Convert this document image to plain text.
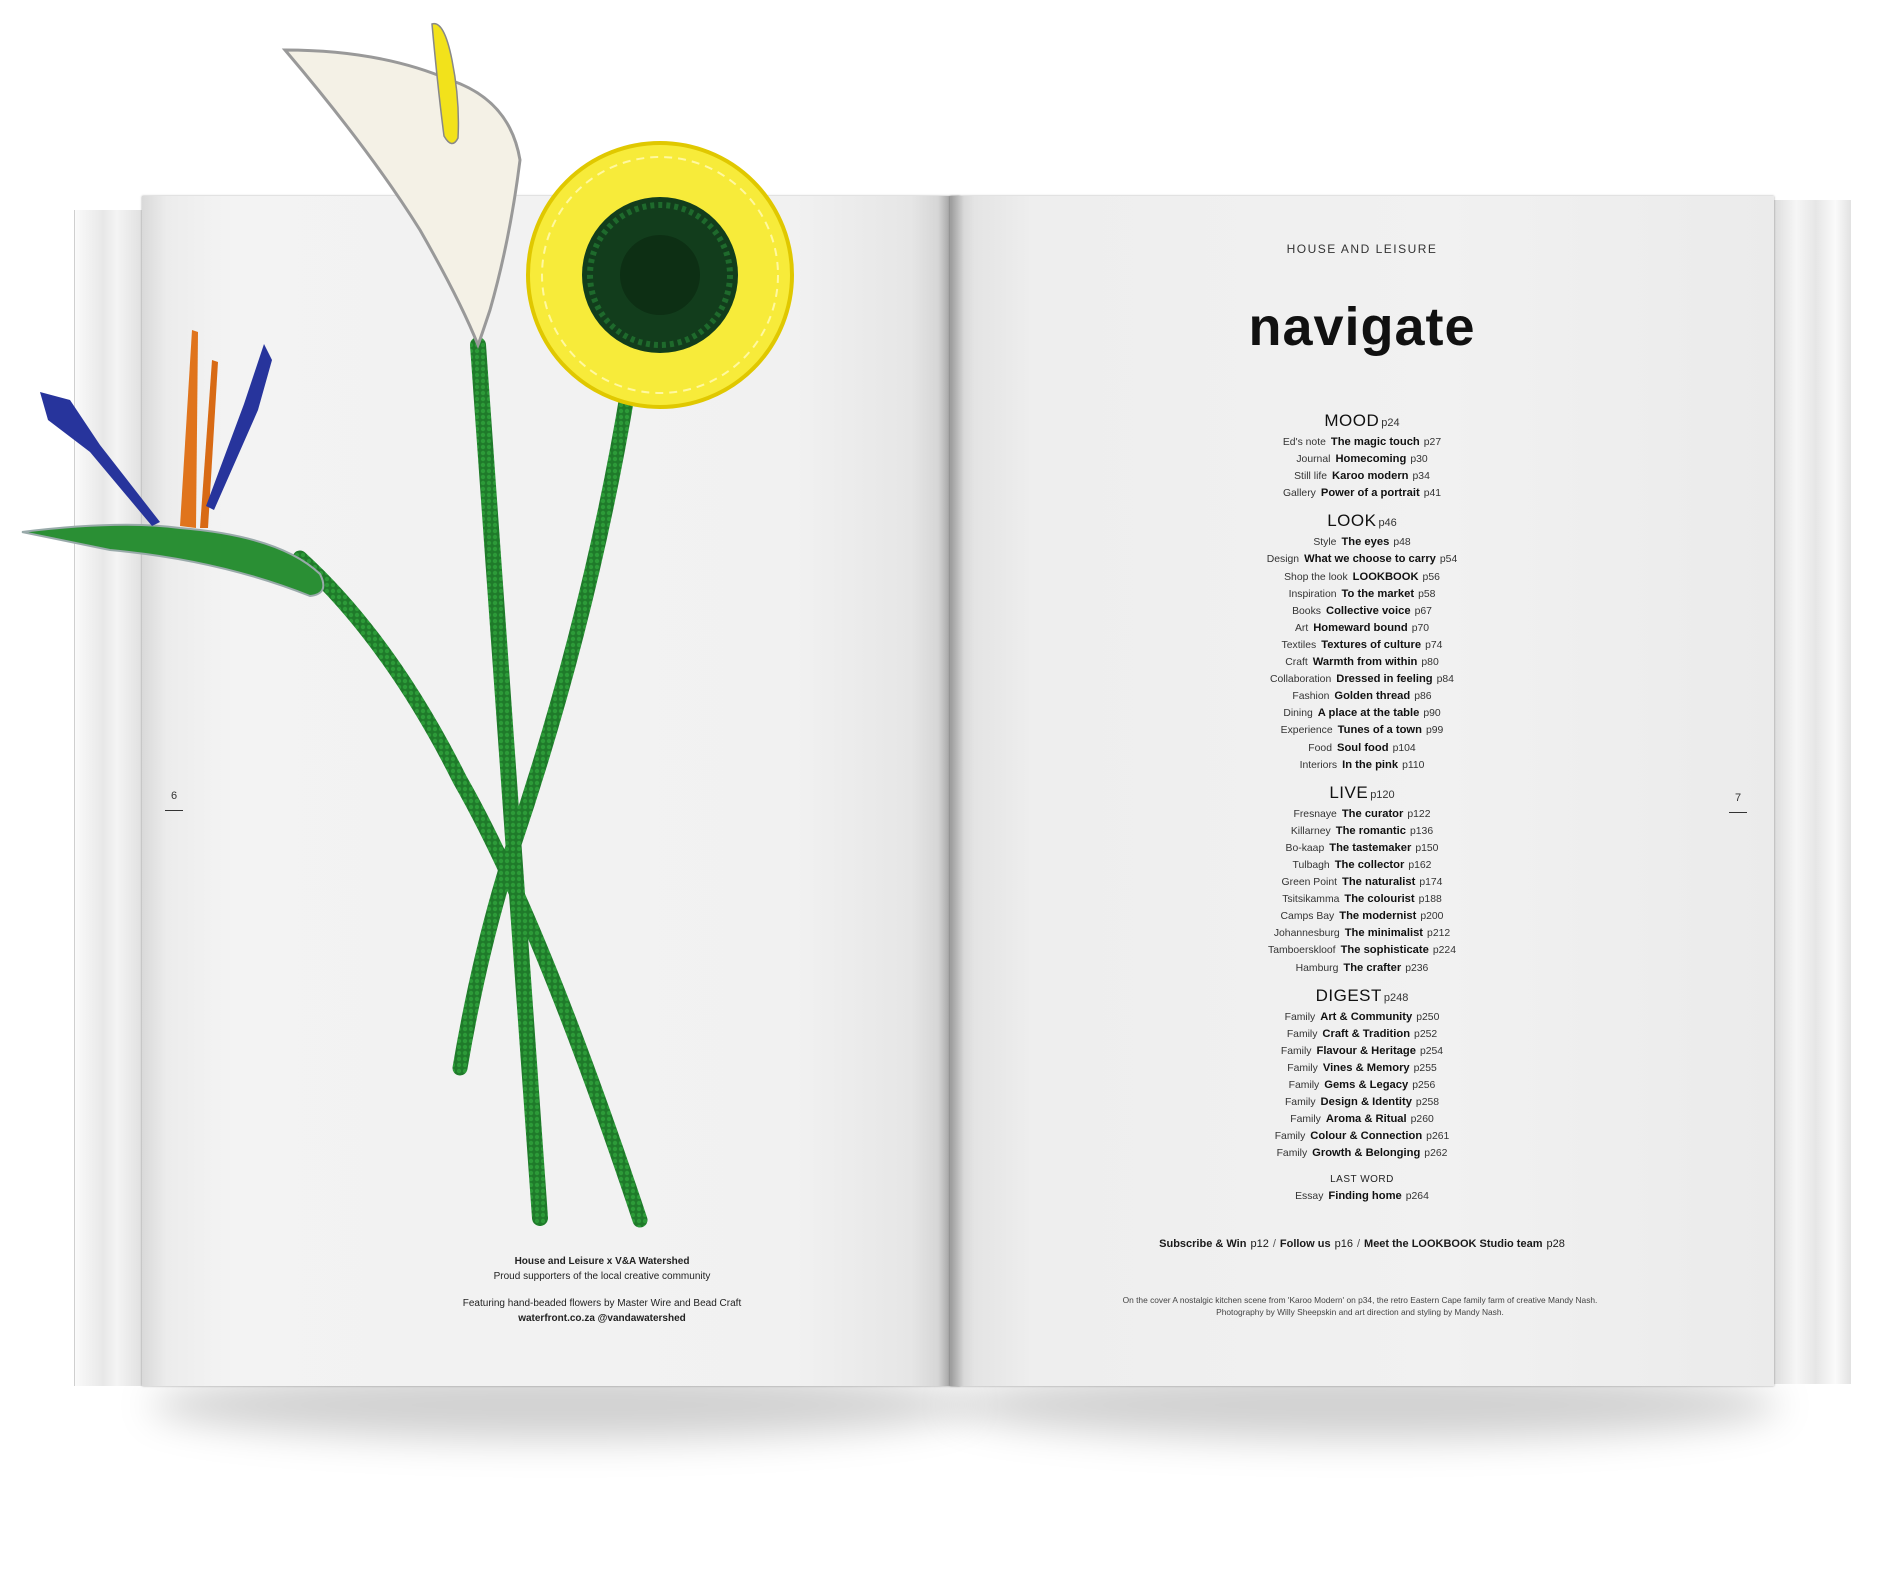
6
House and Leisure x V&A Watershed
Proud supporters of the local creative community
Featuring hand-beaded flowers by Master Wire and Bead Craft
waterfront.co.za @vandawatershed
HOUSE AND LEISURE
navigate
MOOD p24
Ed's note The magic touch p27
Journal Homecoming p30
Still life Karoo modern p34
Gallery Power of a portrait p41
LOOK p46
Style The eyes p48
Design What we choose to carry p54
Shop the look LOOKBOOK p56
Inspiration To the market p58
Books Collective voice p67
Art Homeward bound p70
Textiles Textures of culture p74
Craft Warmth from within p80
Collaboration Dressed in feeling p84
Fashion Golden thread p86
Dining A place at the table p90
Experience Tunes of a town p99
Food Soul food p104
Interiors In the pink p110
LIVE p120
Fresnaye The curator p122
Killarney The romantic p136
Bo-kaap The tastemaker p150
Tulbagh The collector p162
Green Point The naturalist p174
Tsitsikamma The colourist p188
Camps Bay The modernist p200
Johannesburg The minimalist p212
Tamboerskloof The sophisticate p224
Hamburg The crafter p236
DIGEST p248
Family Art & Community p250
Family Craft & Tradition p252
Family Flavour & Heritage p254
Family Vines & Memory p255
Family Gems & Legacy p256
Family Design & Identity p258
Family Aroma & Ritual p260
Family Colour & Connection p261
Family Growth & Belonging p262
LAST WORD
Essay Finding home p264
Subscribe & Win p12 / Follow us p16 / Meet the LOOKBOOK Studio team p28
On the cover A nostalgic kitchen scene from 'Karoo Modern' on p34, the retro Eastern Cape family farm of creative Mandy Nash.
Photography by Willy Sheepskin and art direction and styling by Mandy Nash.
7
